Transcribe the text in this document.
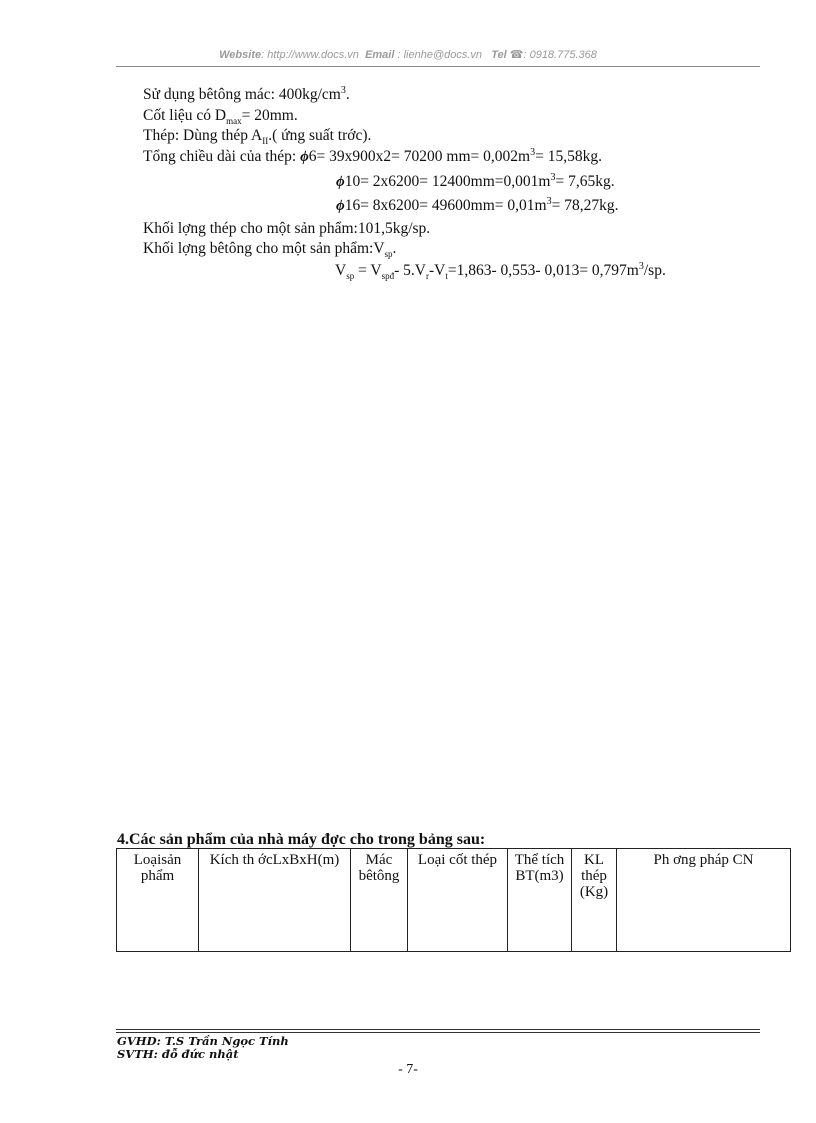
Website: http://www.docs.vn Email : lienhe@docs.vn Tel ☎: 0918.775.368
Sử dụng bêtông mác: $400kg/cm^3$.
Cốt liệu có $D_{max}= 20mm$.
Thép: Dùng thép $A_{II}$.( ứng suất trớc).
Tổng chiều dài của thép: ϕ6= 39x900x2= 70200 $mm= 0,002m^3= 15,58kg$.
$\phi 10= 2x6200= 12400mm=0,001m^3= 7,65kg$.
$\phi 16= 8x6200= 49600mm= 0,01m^3= 78,27kg$.
Khối lợng thép cho một sản phẩm:101,5kg/sp.
Khối lợng bêtông cho một sản $phẩm:V_{sp}$.
$V_{sp} = V_{spđ}-$ $5.V_r-V_t=1,863-$ 0,553- $0,013= 0,797m^3/sp$.
4.Các sản phẩm của nhà máy đợc cho trong bảng sau:
Loạisản phẩm	Kích th ớcLxBxH(m)	Mác bêtông	Loại cốt thép	Thể tích BT(m3)	KL thép (Kg)	Ph ơng pháp CN
GVHD: T.S Trần Ngọc Tính
SVTH: đỗ đức nhật
- 7-
